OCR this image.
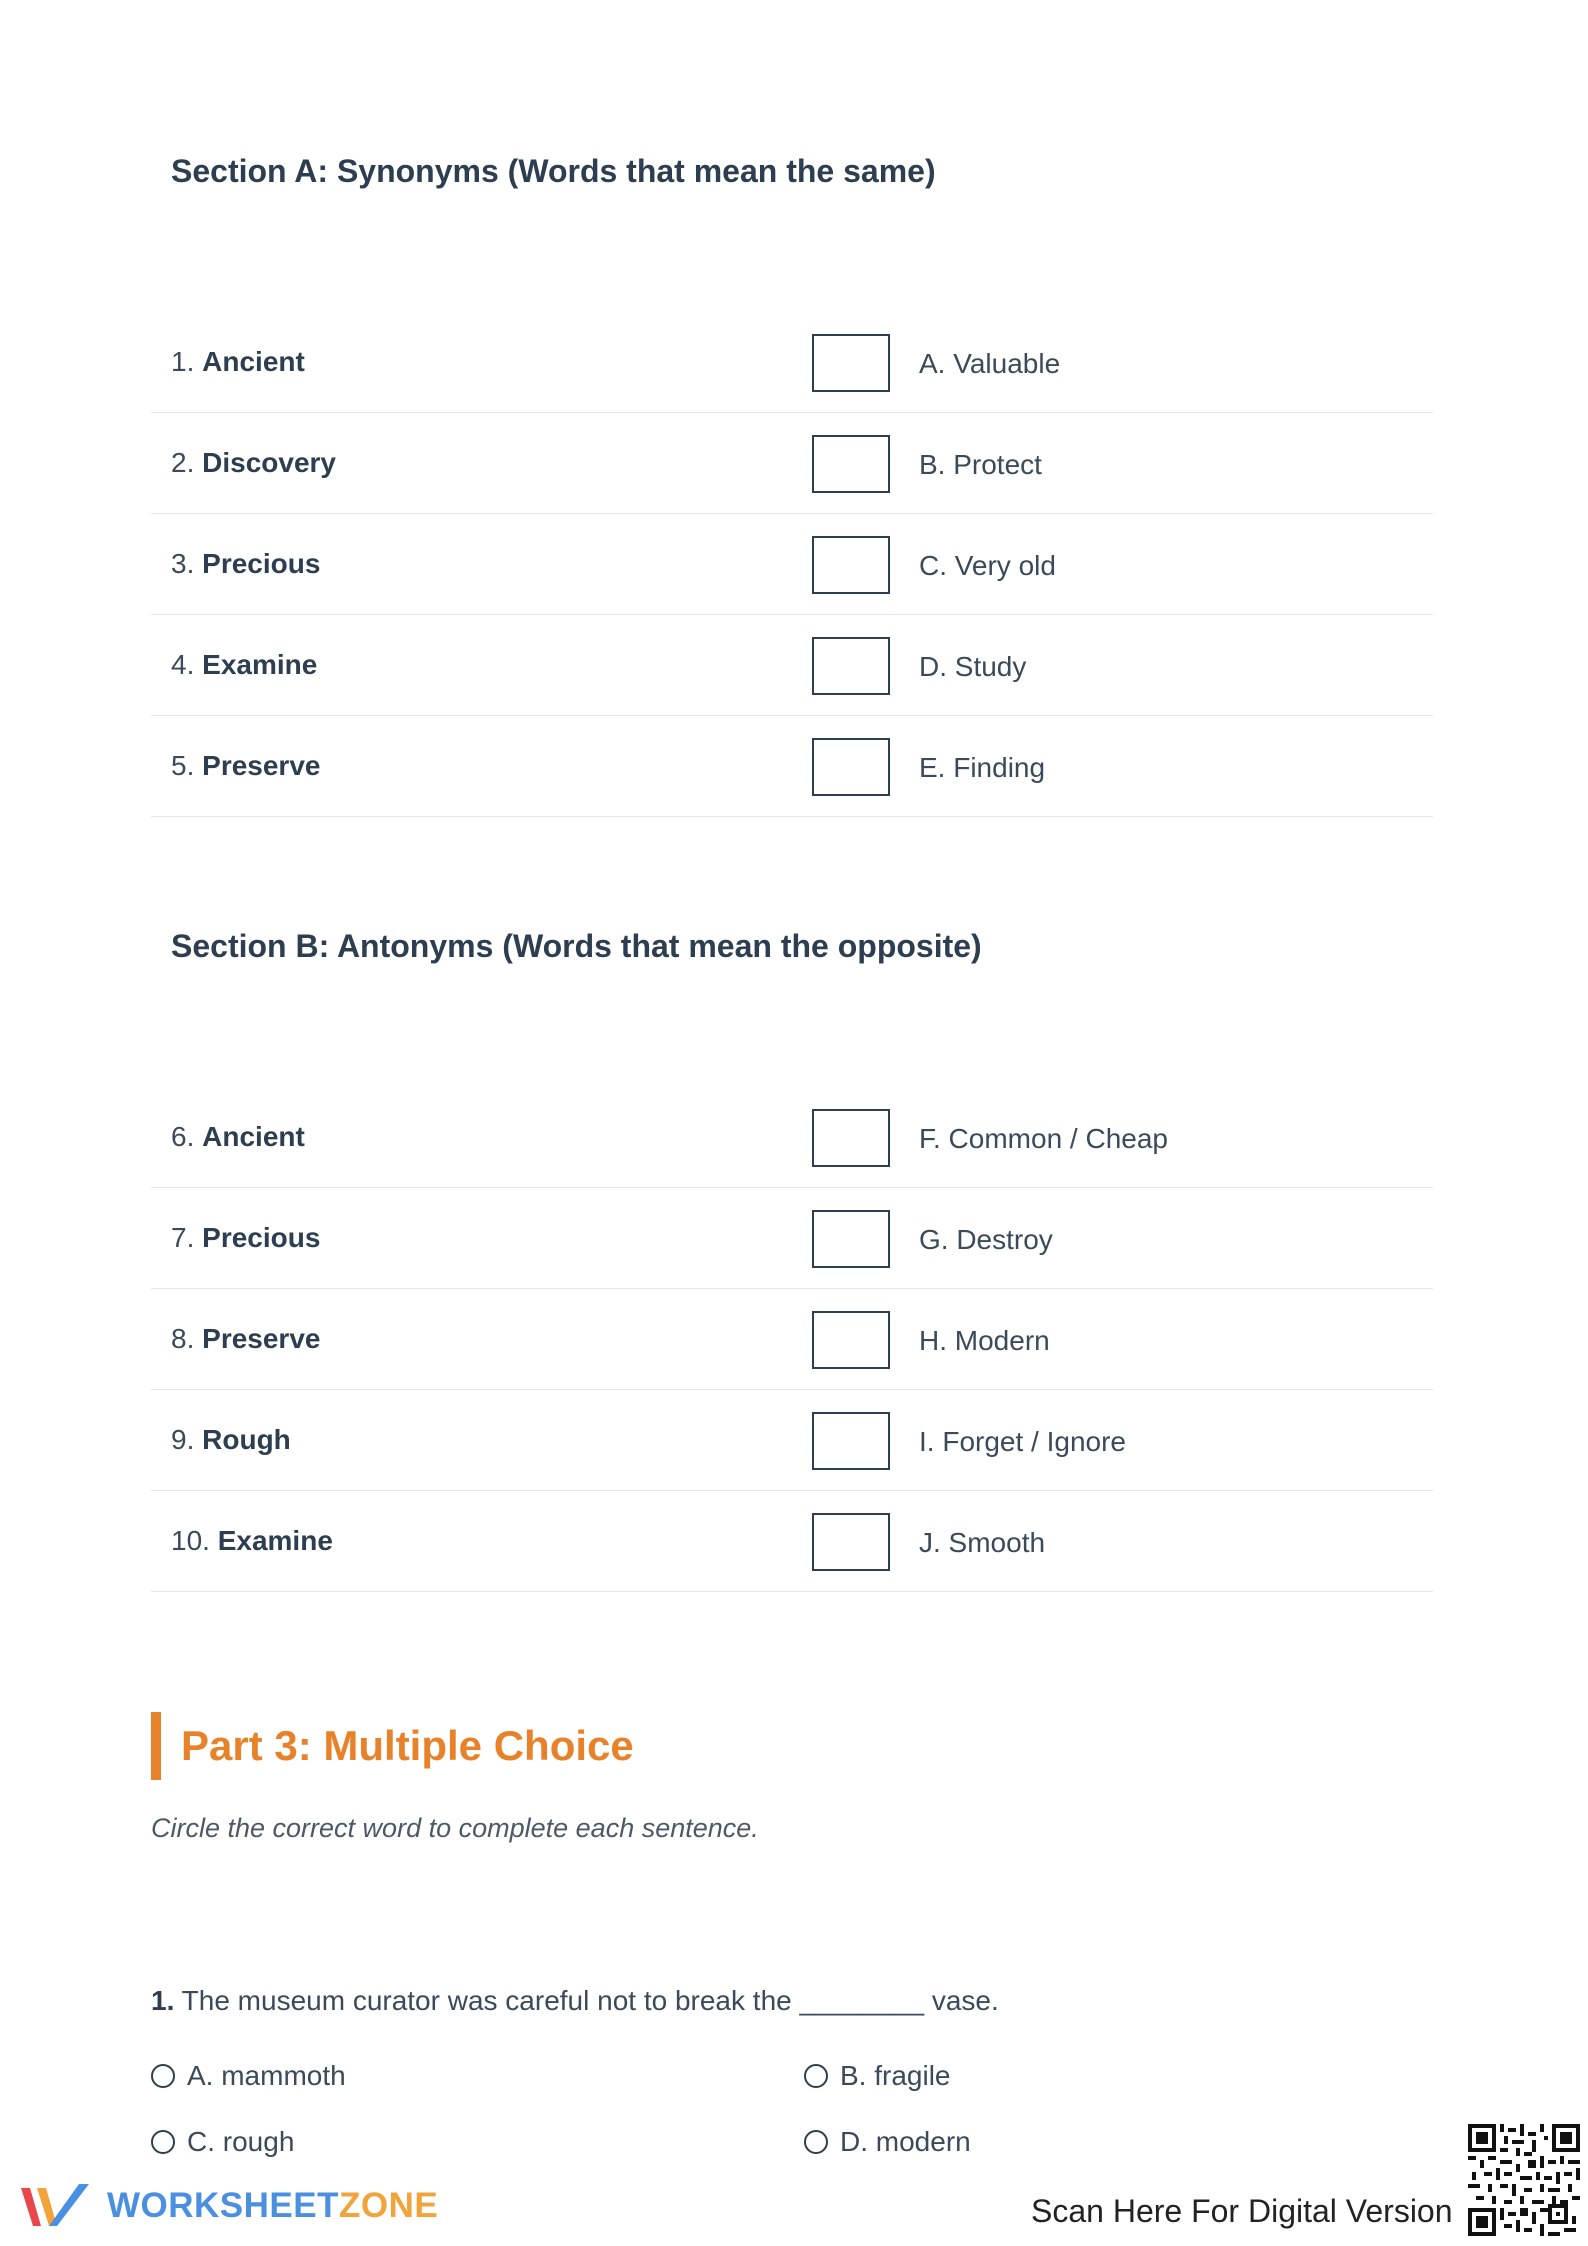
Section A: Synonyms (Words that mean the same)
1. Ancient	A. Valuable
2. Discovery	B. Protect
3. Precious	C. Very old
4. Examine	D. Study
5. Preserve	E. Finding
Section B: Antonyms (Words that mean the opposite)
6. Ancient	F. Common / Cheap
7. Precious	G. Destroy
8. Preserve	H. Modern
9. Rough	I. Forget / Ignore
10. Examine	J. Smooth
Part 3: Multiple Choice
Circle the correct word to complete each sentence.
1. The museum curator was careful not to break the ________ vase.
A. mammoth	B. fragile
C. rough	D. modern
WORKSHEETZONE	Scan Here For Digital Version
